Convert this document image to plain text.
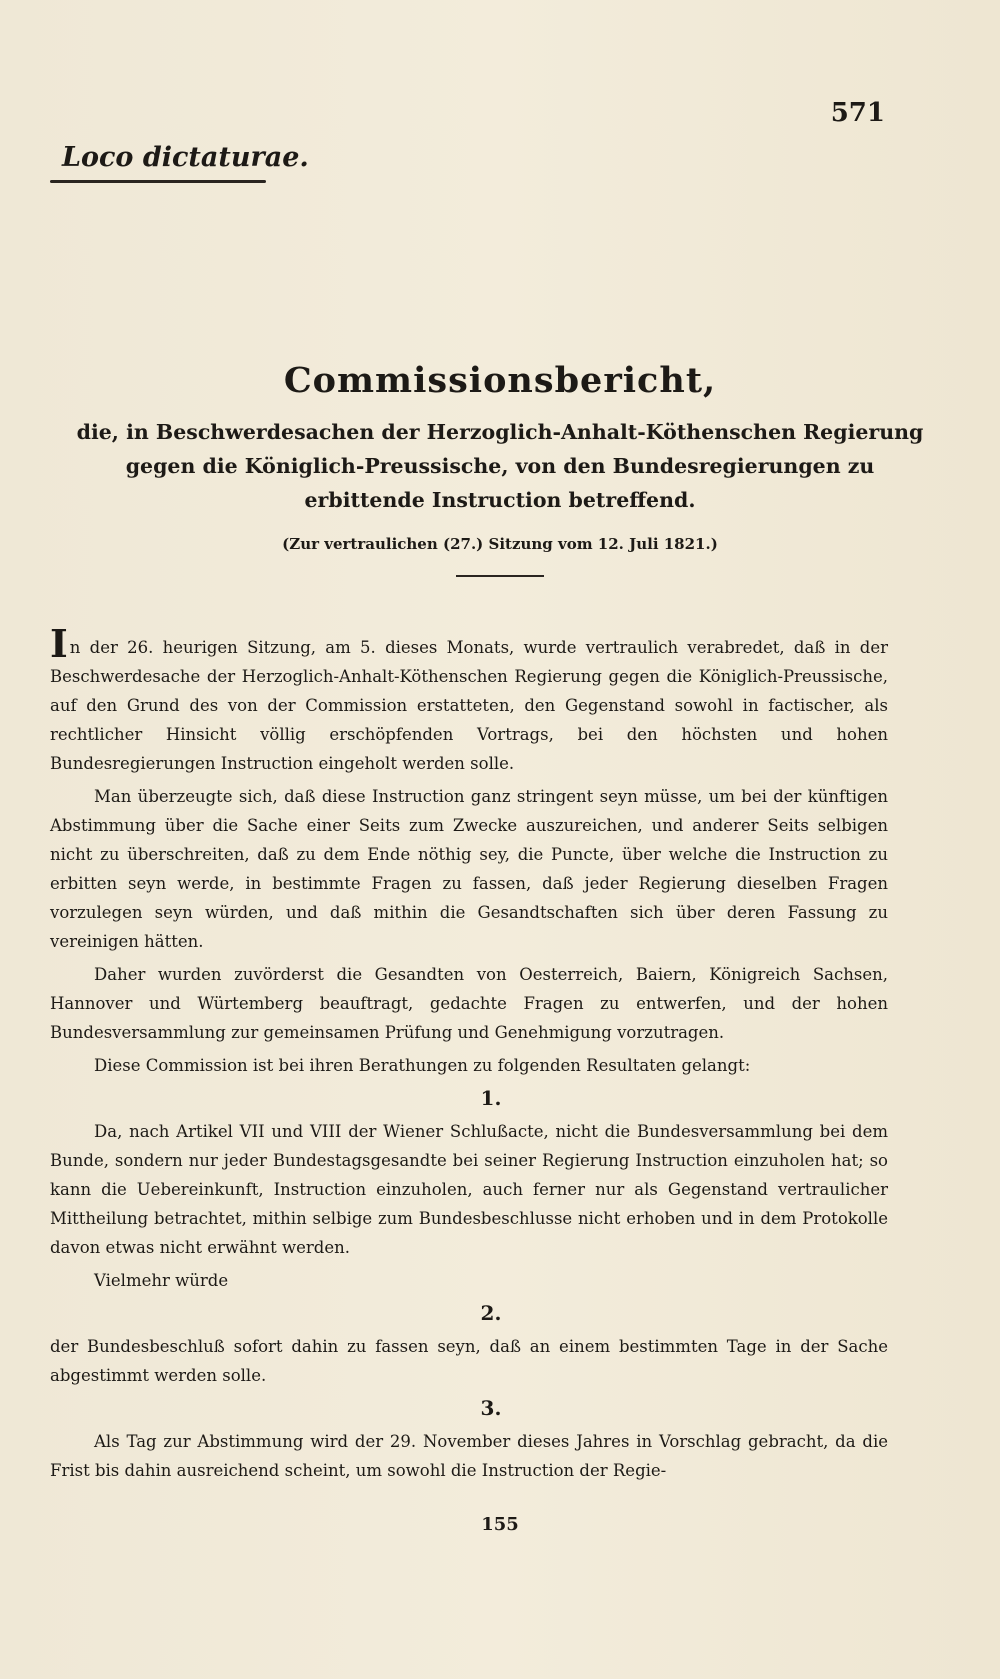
571
Loco dictaturae.
Commissionsbericht,
die, in Beschwerdesachen der Herzoglich-Anhalt-Köthenschen Regierung gegen die Königlich-Preussische, von den Bundesregierungen zu erbittende Instruction betreffend.
(Zur vertraulichen (27.) Sitzung vom 12. Juli 1821.)

In der 26. heurigen Sitzung, am 5. dieses Monats, wurde vertraulich verabredet, daß in der Beschwerdesache der Herzoglich-Anhalt-Köthenschen Regierung gegen die Königlich-Preussische, auf den Grund des von der Commission erstatteten, den Gegenstand sowohl in factischer, als rechtlicher Hinsicht völlig erschöpfenden Vortrags, bei den höchsten und hohen Bundesregierungen Instruction eingeholt werden solle.

Man überzeugte sich, daß diese Instruction ganz stringent seyn müsse, um bei der künftigen Abstimmung über die Sache einer Seits zum Zwecke auszureichen, und anderer Seits selbigen nicht zu überschreiten, daß zu dem Ende nöthig sey, die Puncte, über welche die Instruction zu erbitten seyn werde, in bestimmte Fragen zu fassen, daß jeder Regierung dieselben Fragen vorzulegen seyn würden, und daß mithin die Gesandtschaften sich über deren Fassung zu vereinigen hätten.

Daher wurden zuvörderst die Gesandten von Oesterreich, Baiern, Königreich Sachsen, Hannover und Würtemberg beauftragt, gedachte Fragen zu entwerfen, und der hohen Bundesversammlung zur gemeinsamen Prüfung und Genehmigung vorzutragen.

Diese Commission ist bei ihren Berathungen zu folgenden Resultaten gelangt:

1.

Da, nach Artikel VII und VIII der Wiener Schlußacte, nicht die Bundesversammlung bei dem Bunde, sondern nur jeder Bundestagsgesandte bei seiner Regierung Instruction einzuholen hat; so kann die Uebereinkunft, Instruction einzuholen, auch ferner nur als Gegenstand vertraulicher Mittheilung betrachtet, mithin selbige zum Bundesbeschlusse nicht erhoben und in dem Protokolle davon etwas nicht erwähnt werden.

Vielmehr würde

2.

der Bundesbeschluß sofort dahin zu fassen seyn, daß an einem bestimmten Tage in der Sache abgestimmt werden solle.

3.

Als Tag zur Abstimmung wird der 29. November dieses Jahres in Vorschlag gebracht, da die Frist bis dahin ausreichend scheint, um sowohl die Instruction der Regie-

155
